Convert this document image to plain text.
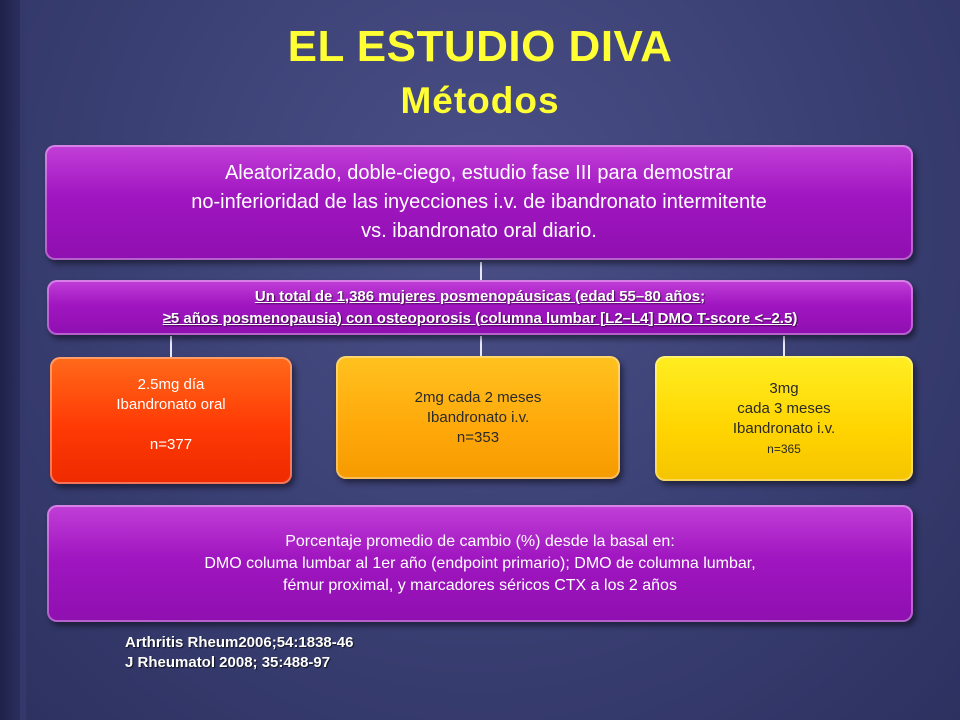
EL ESTUDIO DIVA
Métodos
Aleatorizado, doble-ciego, estudio fase III para demostrar
no-inferioridad de las inyecciones i.v. de ibandronato intermitente
vs. ibandronato oral diario.
Un total de 1,386 mujeres posmenopáusicas (edad 55–80 años;
≥5 años posmenopausia) con osteoporosis (columna lumbar [L2–L4] DMO T-score <–2.5)
2.5mg día
Ibandronato oral
n=377
2mg cada 2 meses
Ibandronato i.v.
n=353
3mg
cada 3 meses
Ibandronato i.v.
n=365
Porcentaje promedio de cambio (%) desde la basal en:
DMO columa lumbar al 1er año (endpoint primario); DMO de columna lumbar,
fémur proximal, y marcadores séricos CTX a los 2 años
Arthritis Rheum2006;54:1838-46
J Rheumatol 2008; 35:488-97
